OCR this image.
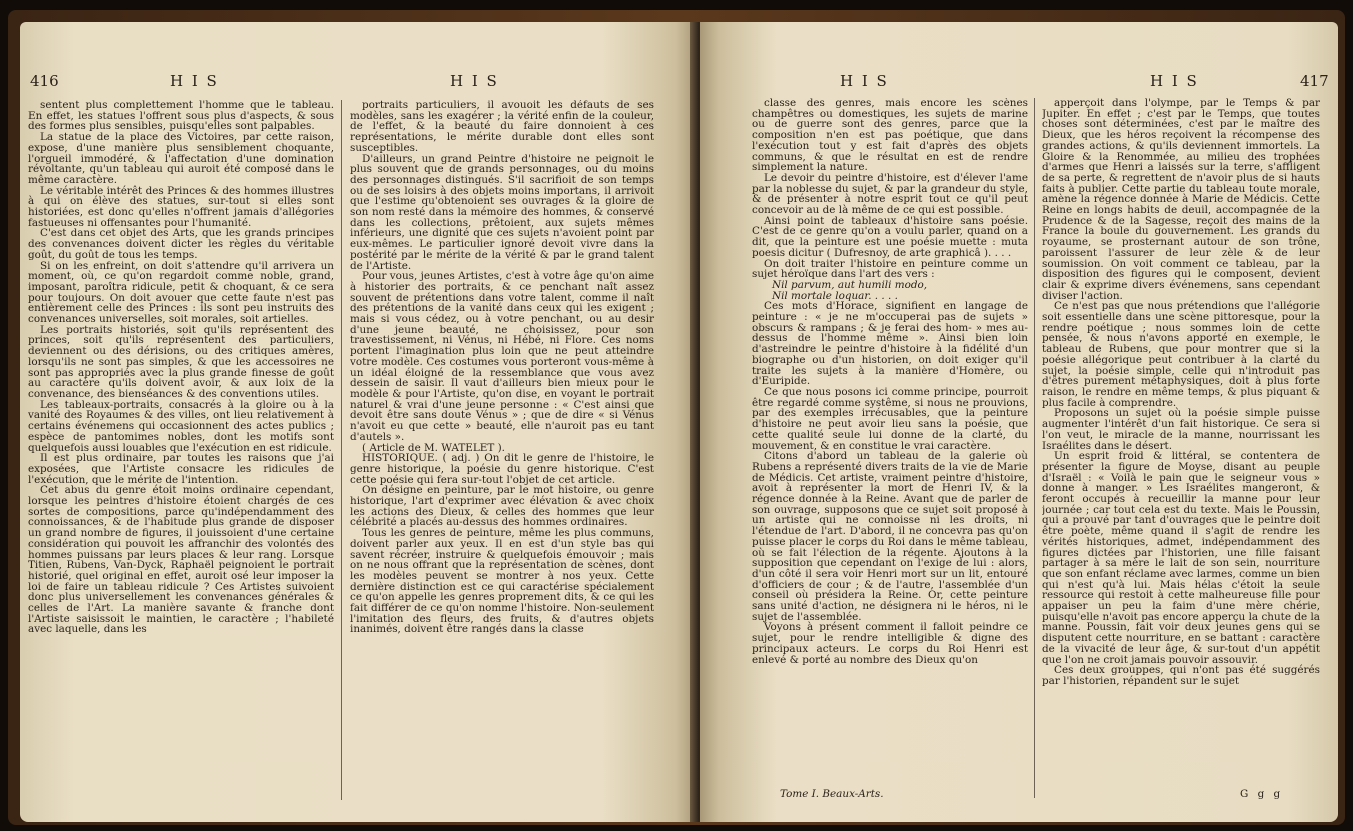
416	H I S	H I S

sentent plus complettement l'homme que le tableau. En effet, les statues l'offrent sous plus d'aspects, & sous des formes plus sensibles, puisqu'elles sont palpables.

La statue de la place des Victoires, par cette raison, expose, d'une manière plus sensiblement choquante, l'orgueil immodéré, & l'affectation d'une domination révoltante, qu'un tableau qui auroit été composé dans le même caractère.

Le véritable intérêt des Princes & des hommes illustres à qui on élève des statues, sur-tout si elles sont historiées, est donc qu'elles n'offrent jamais d'allégories fastueuses ni offensantes pour l'humanité.

C'est dans cet objet des Arts, que les grands principes des convenances doivent dicter les règles du véritable goût, du goût de tous les temps.

Si on les enfreint, on doit s'attendre qu'il arrivera un moment, où, ce qu'on regardoit comme noble, grand, imposant, paroîtra ridicule, petit & choquant, & ce sera pour toujours. On doit avouer que cette faute n'est pas entièrement celle des Princes : ils sont peu instruits des convenances universelles, soit morales, soit artielles.

Les portraits historiés, soit qu'ils représentent des princes, soit qu'ils représentent des particuliers, deviennent ou des dérisions, ou des critiques amères, lorsqu'ils ne sont pas simples, & que les accessoires ne sont pas appropriés avec la plus grande finesse de goût au caractère qu'ils doivent avoir, & aux loix de la convenance, des bienséances & des conventions utiles.

Les tableaux-portraits, consacrés à la gloire ou à la vanité des Royaumes & des villes, ont lieu relativement à certains événemens qui occasionnent des actes publics ; espèce de pantomimes nobles, dont les motifs sont quelquefois aussi louables que l'exécution en est ridicule.

Il est plus ordinaire, par toutes les raisons que j'ai exposées, que l'Artiste consacre les ridicules de l'exécution, que le mérite de l'intention.

Cet abus du genre étoit moins ordinaire cependant, lorsque les peintres d'histoire étoient chargés de ces sortes de compositions, parce qu'indépendamment des connoissances, & de l'habitude plus grande de disposer un grand nombre de figures, il jouissoient d'une certaine considération qui pouvoit les affranchir des volontés des hommes puissans par leurs places & leur rang. Lorsque Titien, Rubens, Van-Dyck, Raphaël peignoient le portrait historié, quel original en effet, auroit osé leur imposer la loi de faire un tableau ridicule ? Ces Artistes suivoient donc plus universellement les convenances générales & celles de l'Art. La manière savante & franche dont l'Artiste saisissoit le maintien, le caractère ; l'habileté avec laquelle, dans les

portraits particuliers, il avouoit les défauts de ses modèles, sans les exagérer ; la vérité enfin de la couleur, de l'effet, & la beauté du faire donnoient à ces représentations, le mérite durable dont elles sont susceptibles.

D'ailleurs, un grand Peintre d'histoire ne peignoit le plus souvent que de grands personnages, ou du moins des personnages distingués. S'il sacrifioit de son temps ou de ses loisirs à des objets moins importans, il arrivoit que l'estime qu'obtenoient ses ouvrages & la gloire de son nom resté dans la mémoire des hommes, & conservé dans les collections, prêtoient, aux sujets mêmes inférieurs, une dignité que ces sujets n'avoient point par eux-mêmes. Le particulier ignoré devoit vivre dans la postérité par le mérite de la vérité & par le grand talent de l'Artiste.

Pour vous, jeunes Artistes, c'est à votre âge qu'on aime à historier des portraits, & ce penchant naît assez souvent de prétentions dans votre talent, comme il naît des prétentions de la vanité dans ceux qui les exigent ; mais si vous cédez, ou à votre penchant, ou au desir d'une jeune beauté, ne choisissez, pour son travestissement, ni Vénus, ni Hébé, ni Flore. Ces noms portent l'imagination plus loin que ne peut atteindre votre modèle. Ces costumes vous porteront vous-même à un idéal éloigné de la ressemblance que vous avez dessein de saisir. Il vaut d'ailleurs bien mieux pour le modèle & pour l'Artiste, qu'on dise, en voyant le portrait naturel & vrai d'une jeune personne : « C'est ainsi que devoit être sans doute Vénus » ; que de dire « si Vénus n'avoit eu que cette » beauté, elle n'auroit pas eu tant d'autels ».

( Article de M. WATELET ).

HISTORIQUE. ( adj. ) On dit le genre de l'histoire, le genre historique, la poésie du genre historique. C'est cette poésie qui fera sur-tout l'objet de cet article.

On désigne en peinture, par le mot histoire, ou genre historique, l'art d'exprimer avec élévation & avec choix les actions des Dieux, & celles des hommes que leur célébrité a placés au-dessus des hommes ordinaires.

Tous les genres de peinture, même les plus communs, doivent parler aux yeux. Il en est d'un style bas qui savent récréer, instruire & quelquefois émouvoir ; mais on ne nous offrant que la représentation de scènes, dont les modèles peuvent se montrer à nos yeux. Cette dernière distinction est ce qui caractérise spécialement ce qu'on appelle les genres proprement dits, & ce qui les fait différer de ce qu'on nomme l'histoire. Non-seulement l'imitation des fleurs, des fruits, & d'autres objets inanimés, doivent être rangés dans la classe

H I S	H I S	417

classe des genres, mais encore les scènes champêtres ou domestiques, les sujets de marine ou de guerre sont des genres, parce que la composition n'en est pas poétique, que dans l'exécution tout y est fait d'après des objets communs, & que le résultat en est de rendre simplement la nature.

Le devoir du peintre d'histoire, est d'élever l'ame par la noblesse du sujet, & par la grandeur du style, & de présenter à notre esprit tout ce qu'il peut concevoir au de là même de ce qui est possible.

Ainsi point de tableaux d'histoire sans poésie. C'est de ce genre qu'on a voulu parler, quand on a dit, que la peinture est une poésie muette : muta poesis dicitur ( Dufresnoy, de arte graphicâ ). . . .

On doit traiter l'histoire en peinture comme un sujet héroïque dans l'art des vers :

Nil parvum, aut humili modo,

Nil mortale loquar. . . . .

Ces mots d'Horace, signifient en langage de peinture : « je ne m'occuperai pas de sujets » obscurs & rampans ; & je ferai des hom- » mes au-dessus de l'homme même ». Ainsi bien loin d'astreindre le peintre d'histoire à la fidélité d'un biographe ou d'un historien, on doit exiger qu'il traite les sujets à la manière d'Homère, ou d'Euripide.

Ce que nous posons ici comme principe, pourroit être regardé comme systême, si nous ne prouvions, par des exemples irrécusables, que la peinture d'histoire ne peut avoir lieu sans la poésie, que cette qualité seule lui donne de la clarté, du mouvement, & en constitue le vrai caractère.

Citons d'abord un tableau de la galerie où Rubens a représenté divers traits de la vie de Marie de Médicis. Cet artiste, vraiment peintre d'histoire, avoit à représenter la mort de Henri IV, & la régence donnée à la Reine. Avant que de parler de son ouvrage, supposons que ce sujet soit proposé à un artiste qui ne connoisse ni les droits, ni l'étendue de l'art. D'abord, il ne concevra pas qu'on puisse placer le corps du Roi dans le même tableau, où se fait l'élection de la régente. Ajoutons à la supposition que cependant on l'exige de lui : alors, d'un côté il sera voir Henri mort sur un lit, entouré d'officiers de cour ; & de l'autre, l'assemblée d'un conseil où présidera la Reine. Or, cette peinture sans unité d'action, ne désignera ni le héros, ni le sujet de l'assemblée.

Voyons à présent comment il falloit peindre ce sujet, pour le rendre intelligible & digne des principaux acteurs. Le corps du Roi Henri est enlevé & porté au nombre des Dieux qu'on

apperçoit dans l'olympe, par le Temps & par Jupiter. En effet ; c'est par le Temps, que toutes choses sont déterminées, c'est par le maître des Dieux, que les héros reçoivent la récompense des grandes actions, & qu'ils deviennent immortels. La Gloire & la Renommée, au milieu des trophées d'armes que Henri a laissés sur la terre, s'affligent de sa perte, & regrettent de n'avoir plus de si hauts faits à publier. Cette partie du tableau toute morale, amène la régence donnée à Marie de Médicis. Cette Reine en longs habits de deuil, accompagnée de la Prudence & de la Sagesse, reçoit des mains de la France la boule du gouvernement. Les grands du royaume, se prosternant autour de son trône, paroissent l'assurer de leur zèle & de leur soumission. On voit comment ce tableau, par la disposition des figures qui le composent, devient clair & exprime divers événemens, sans cependant diviser l'action.

Ce n'est pas que nous prétendions que l'allégorie soit essentielle dans une scène pittoresque, pour la rendre poétique ; nous sommes loin de cette pensée, & nous n'avons apporté en exemple, le tableau de Rubens, que pour montrer que si la poésie allégorique peut contribuer à la clarté du sujet, la poésie simple, celle qui n'introduit pas d'êtres purement métaphysiques, doit à plus forte raison, le rendre en même temps, & plus piquant & plus facile à comprendre.

Proposons un sujet où la poésie simple puisse augmenter l'intérêt d'un fait historique. Ce sera si l'on veut, le miracle de la manne, nourrissant les Israélites dans le désert.

Un esprit froid & littéral, se contentera de présenter la figure de Moyse, disant au peuple d'Israël : « Voilà le pain que le seigneur vous » donne à manger. » Les Israélites mangeront, & feront occupés à recueillir la manne pour leur journée ; car tout cela est du texte. Mais le Poussin, qui a prouvé par tant d'ouvrages que le peintre doit être poète, même quand il s'agit de rendre les vérités historiques, admet, indépendamment des figures dictées par l'historien, une fille faisant partager à sa mère le lait de son sein, nourriture que son enfant réclame avec larmes, comme un bien qui n'est qu'à lui. Mais hélas c'étoit la seule ressource qui restoit à cette malheureuse fille pour appaiser un peu la faim d'une mère chérie, puisqu'elle n'avoit pas encore apperçu la chute de la manne. Poussin, fait voir deux jeunes gens qui se disputent cette nourriture, en se battant : caractère de la vivacité de leur âge, & sur-tout d'un appétit que l'on ne croit jamais pouvoir assouvir.

Ces deux grouppes, qui n'ont pas été suggérés par l'historien, répandent sur le sujet

Tome I. Beaux-Arts.	G g g
